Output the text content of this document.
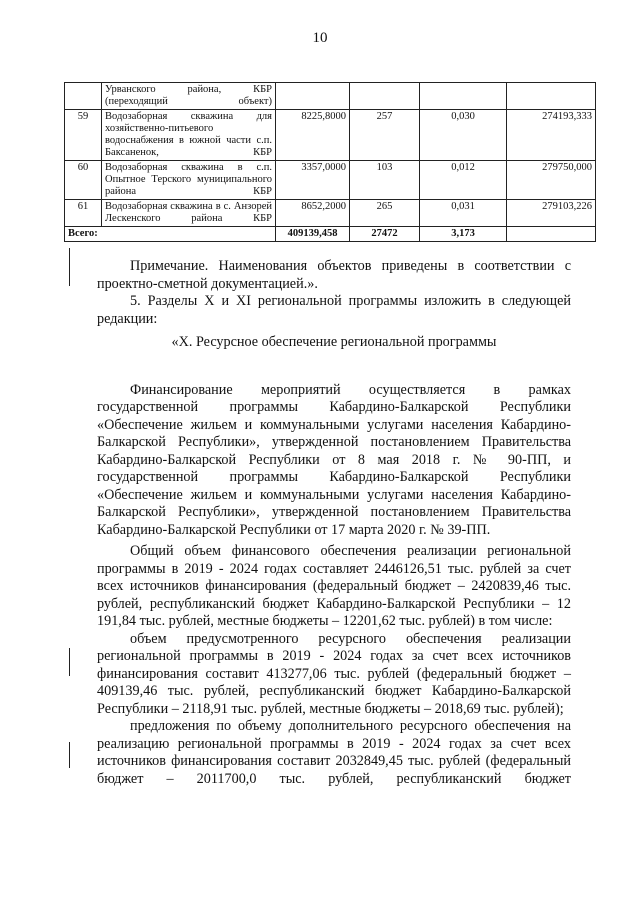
10
	Урванского района, КБР (переходящий объект)				
59	Водозаборная скважина для хозяйственно-питьевого водоснабжения в южной части с.п. Баксаненок, КБР	8225,8000	257	0,030	274193,333
60	Водозаборная скважина в с.п. Опытное Терского муниципального района КБР	3357,0000	103	0,012	279750,000
61	Водозаборная скважина в с. Анзорей Лескенского района КБР	8652,2000	265	0,031	279103,226
Всего:		409139,458	27472	3,173	

Примечание. Наименования объектов приведены в соответствии с проектно-сметной документацией.».

5. Разделы X и XI региональной программы изложить в следующей редакции:

«X. Ресурсное обеспечение региональной программы

Финансирование мероприятий осуществляется в рамках государственной программы Кабардино-Балкарской Республики «Обеспечение жильем и коммунальными услугами населения Кабардино-Балкарской Республики», утвержденной постановлением Правительства Кабардино-Балкарской Республики от 8 мая 2018 г. № 90-ПП, и государственной программы Кабардино-Балкарской Республики «Обеспечение жильем и коммунальными услугами населения Кабардино-Балкарской Республики», утвержденной постановлением Правительства Кабардино-Балкарской Республики от 17 марта 2020 г. № 39-ПП.

Общий объем финансового обеспечения реализации региональной программы в 2019 - 2024 годах составляет 2446126,51 тыс. рублей за счет всех источников финансирования (федеральный бюджет – 2420839,46 тыс. рублей, республиканский бюджет Кабардино-Балкарской Республики – 12 191,84 тыс. рублей, местные бюджеты – 12201,62 тыс. рублей) в том числе:

объем предусмотренного ресурсного обеспечения реализации региональной программы в 2019 - 2024 годах за счет всех источников финансирования составит 413277,06 тыс. рублей (федеральный бюджет – 409139,46 тыс. рублей, республиканский бюджет Кабардино-Балкарской Республики – 2118,91 тыс. рублей, местные бюджеты – 2018,69 тыс. рублей);

предложения по объему дополнительного ресурсного обеспечения на реализацию региональной программы в 2019 - 2024 годах за счет всех источников финансирования составит 2032849,45 тыс. рублей (федеральный бюджет – 2011700,0 тыс. рублей, республиканский бюджет
